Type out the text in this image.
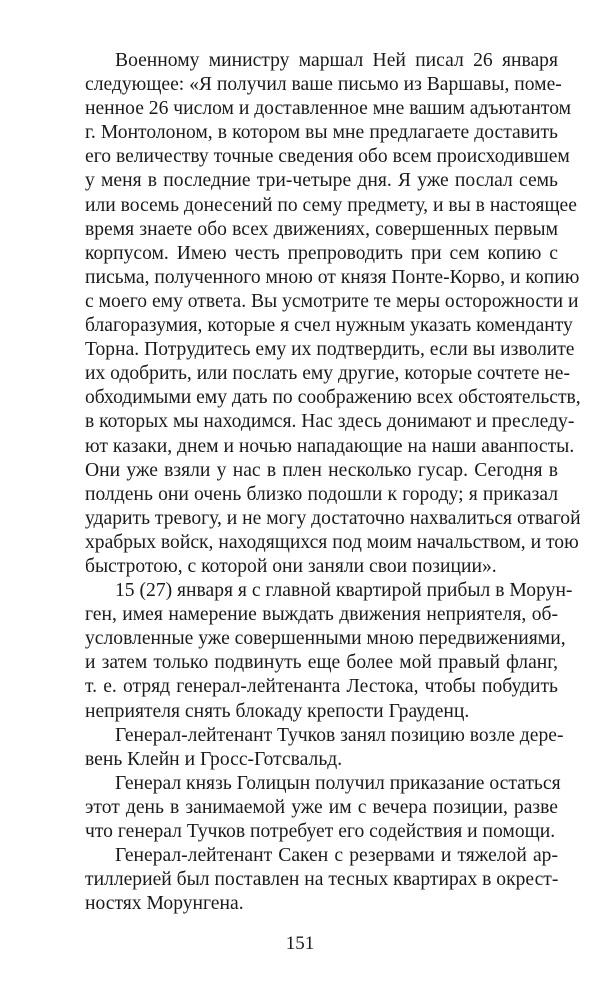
Военному министру маршал Ней писал 26 января
следующее: «Я получил ваше письмо из Варшавы, поме-
ненное 26 числом и доставленное мне вашим адъютантом
г. Монтолоном, в котором вы мне предлагаете доставить
его величеству точные сведения обо всем происходившем
у меня в последние три-четыре дня. Я уже послал семь
или восемь донесений по сему предмету, и вы в настоящее
время знаете обо всех движениях, совершенных первым
корпусом. Имею честь препроводить при сем копию с
письма, полученного мною от князя Понте-Корво, и копию
с моего ему ответа. Вы усмотрите те меры осторожности и
благоразумия, которые я счел нужным указать коменданту
Торна. Потрудитесь ему их подтвердить, если вы изволите
их одобрить, или послать ему другие, которые сочтете не-
обходимыми ему дать по соображению всех обстоятельств,
в которых мы находимся. Нас здесь донимают и преследу-
ют казаки, днем и ночью нападающие на наши аванпосты.
Они уже взяли у нас в плен несколько гусар. Сегодня в
полдень они очень близко подошли к городу; я приказал
ударить тревогу, и не могу достаточно нахвалиться отвагой
храбрых войск, находящихся под моим начальством, и тою
быстротою, с которой они заняли свои позиции».
15 (27) января я с главной квартирой прибыл в Морун-
ген, имея намерение выждать движения неприятеля, об-
условленные уже совершенными мною передвижениями,
и затем только подвинуть еще более мой правый фланг,
т. е. отряд генерал-лейтенанта Лестока, чтобы побудить
неприятеля снять блокаду крепости Грауденц.
Генерал-лейтенант Тучков занял позицию возле дере-
вень Клейн и Гросс-Готсвальд.
Генерал князь Голицын получил приказание остаться
этот день в занимаемой уже им с вечера позиции, разве
что генерал Тучков потребует его содействия и помощи.
Генерал-лейтенант Сакен с резервами и тяжелой ар-
тиллерией был поставлен на тесных квартирах в окрест-
ностях Морунгена.
151
